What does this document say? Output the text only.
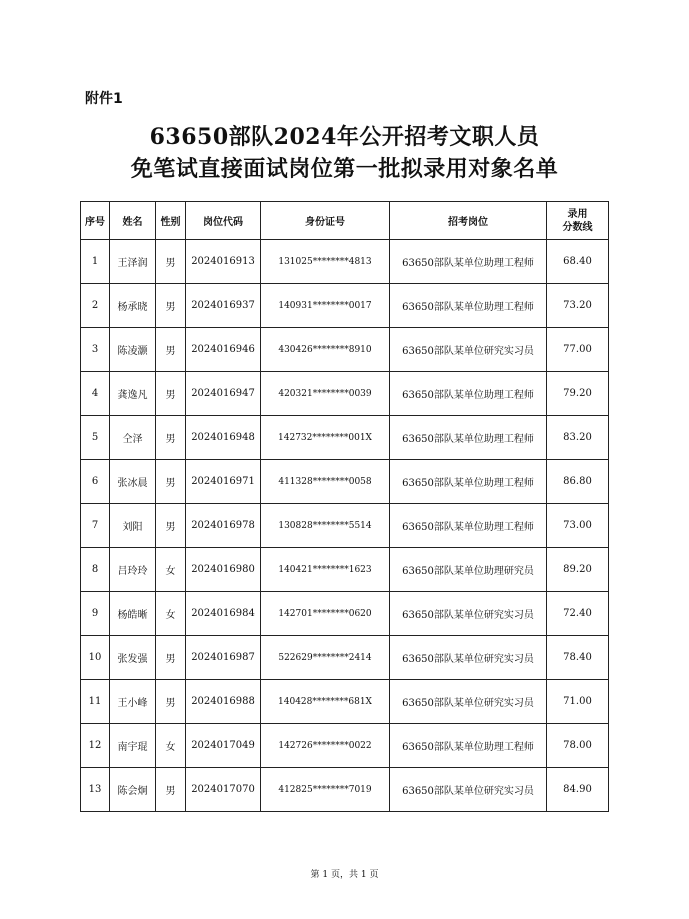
附件1
63650部队2024年公开招考文职人员
免笔试直接面试岗位第一批拟录用对象名单
序号	姓名	性别	岗位代码	身份证号	招考岗位	录用
分数线

1	王泽润	男	2024016913	131025********4813	63650部队某单位助理工程师	68.40
2	杨承晓	男	2024016937	140931********0017	63650部队某单位助理工程师	73.20
3	陈凌灏	男	2024016946	430426********8910	63650部队某单位研究实习员	77.00
4	龚逸凡	男	2024016947	420321********0039	63650部队某单位助理工程师	79.20
5	仝泽	男	2024016948	142732********001X	63650部队某单位助理工程师	83.20
6	张冰晨	男	2024016971	411328********0058	63650部队某单位助理工程师	86.80
7	刘阳	男	2024016978	130828********5514	63650部队某单位助理工程师	73.00
8	吕玲玲	女	2024016980	140421********1623	63650部队某单位助理研究员	89.20
9	杨皓晰	女	2024016984	142701********0620	63650部队某单位研究实习员	72.40
10	张发强	男	2024016987	522629********2414	63650部队某单位研究实习员	78.40
11	王小峰	男	2024016988	140428********681X	63650部队某单位研究实习员	71.00
12	南宇琨	女	2024017049	142726********0022	63650部队某单位助理工程师	78.00
13	陈会炯	男	2024017070	412825********7019	63650部队某单位研究实习员	84.90
第 1 页，共 1 页
